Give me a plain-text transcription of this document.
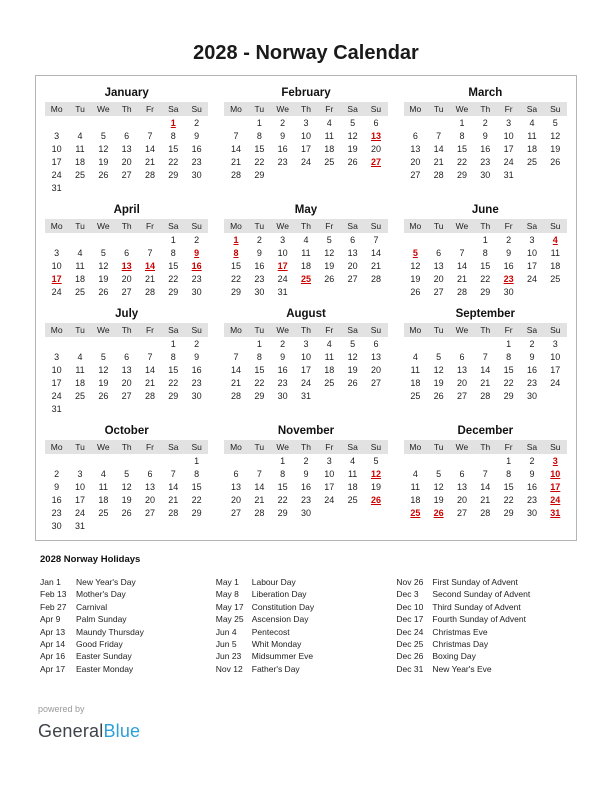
2028 - Norway Calendar
January
Mo	Tu	We	Th	Fr	Sa	Su
					1	2
3	4	5	6	7	8	9
10	11	12	13	14	15	16
17	18	19	20	21	22	23
24	25	26	27	28	29	30
31						
February
Mo	Tu	We	Th	Fr	Sa	Su
	1	2	3	4	5	6
7	8	9	10	11	12	13
14	15	16	17	18	19	20
21	22	23	24	25	26	27
28	29					
March
Mo	Tu	We	Th	Fr	Sa	Su
		1	2	3	4	5
6	7	8	9	10	11	12
13	14	15	16	17	18	19
20	21	22	23	24	25	26
27	28	29	30	31		
April
Mo	Tu	We	Th	Fr	Sa	Su
					1	2
3	4	5	6	7	8	9
10	11	12	13	14	15	16
17	18	19	20	21	22	23
24	25	26	27	28	29	30
May
Mo	Tu	We	Th	Fr	Sa	Su
1	2	3	4	5	6	7
8	9	10	11	12	13	14
15	16	17	18	19	20	21
22	23	24	25	26	27	28
29	30	31				
June
Mo	Tu	We	Th	Fr	Sa	Su
			1	2	3	4
5	6	7	8	9	10	11
12	13	14	15	16	17	18
19	20	21	22	23	24	25
26	27	28	29	30		
July
Mo	Tu	We	Th	Fr	Sa	Su
					1	2
3	4	5	6	7	8	9
10	11	12	13	14	15	16
17	18	19	20	21	22	23
24	25	26	27	28	29	30
31						
August
Mo	Tu	We	Th	Fr	Sa	Su
	1	2	3	4	5	6
7	8	9	10	11	12	13
14	15	16	17	18	19	20
21	22	23	24	25	26	27
28	29	30	31			
September
Mo	Tu	We	Th	Fr	Sa	Su
				1	2	3
4	5	6	7	8	9	10
11	12	13	14	15	16	17
18	19	20	21	22	23	24
25	26	27	28	29	30	
October
Mo	Tu	We	Th	Fr	Sa	Su
						1
2	3	4	5	6	7	8
9	10	11	12	13	14	15
16	17	18	19	20	21	22
23	24	25	26	27	28	29
30	31					
November
Mo	Tu	We	Th	Fr	Sa	Su
		1	2	3	4	5
6	7	8	9	10	11	12
13	14	15	16	17	18	19
20	21	22	23	24	25	26
27	28	29	30			
December
Mo	Tu	We	Th	Fr	Sa	Su
				1	2	3
4	5	6	7	8	9	10
11	12	13	14	15	16	17
18	19	20	21	22	23	24
25	26	27	28	29	30	31
2028 Norway Holidays
Jan 1	New Year's Day
Feb 13	Mother's Day
Feb 27	Carnival
Apr 9	Palm Sunday
Apr 13	Maundy Thursday
Apr 14	Good Friday
Apr 16	Easter Sunday
Apr 17	Easter Monday
May 1	Labour Day
May 8	Liberation Day
May 17 Constitution Day
May 25 Ascension Day
Jun 4	Pentecost
Jun 5	Whit Monday
Jun 23	Midsummer Eve
Nov 12	Father's Day
Nov 26	First Sunday of Advent
Dec 3	Second Sunday of Advent
Dec 10	Third Sunday of Advent
Dec 17	Fourth Sunday of Advent
Dec 24	Christmas Eve
Dec 25	Christmas Day
Dec 26	Boxing Day
Dec 31	New Year's Eve
powered by
GeneralBlue
